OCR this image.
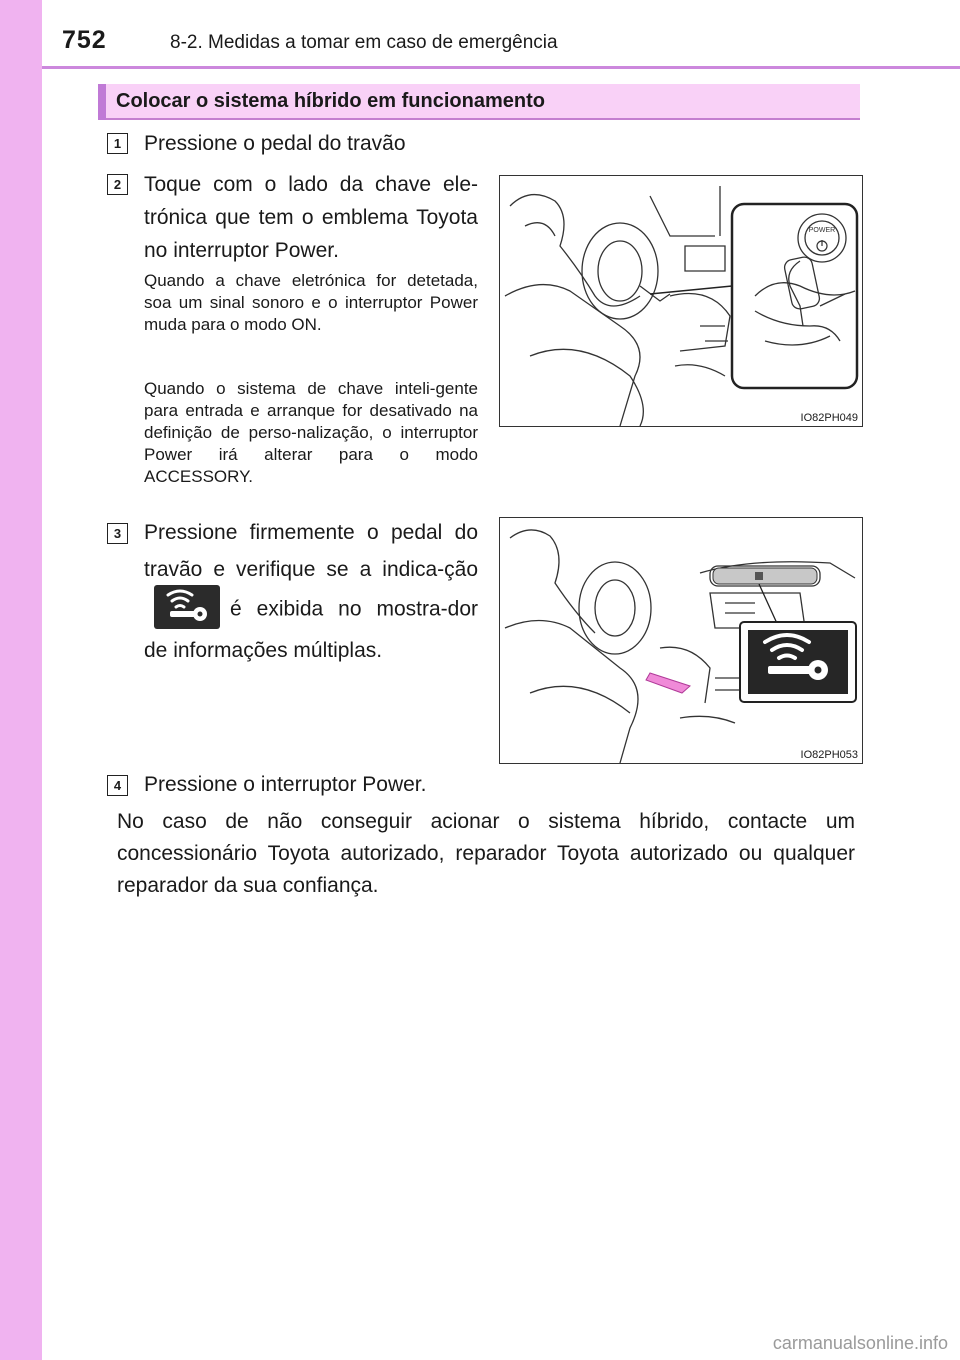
752	8-2. Medidas a tomar em caso de emergência
Colocar o sistema híbrido em funcionamento
1	Pressione o pedal do travão
2	Toque com o lado da chave ele-trónica que tem o emblema Toyota no interruptor Power.
Quando a chave eletrónica for detetada, soa um sinal sonoro e o interruptor Power muda para o modo ON.
Quando o sistema de chave inteli-gente para entrada e arranque for desativado na definição de perso-nalização, o interruptor Power irá alterar para o modo ACCESSORY.
POWER
IO82PH049
3	Pressione firmemente o pedal do travão e verifique se a indica-çãoé exibida no mostra-dor de informações múltiplas.
IO82PH053
4	Pressione o interruptor Power.
No caso de não conseguir acionar o sistema híbrido, contacte um concessionário Toyota autorizado, reparador Toyota autorizado ou qualquer reparador da sua confiança.
carmanualsonline.info
